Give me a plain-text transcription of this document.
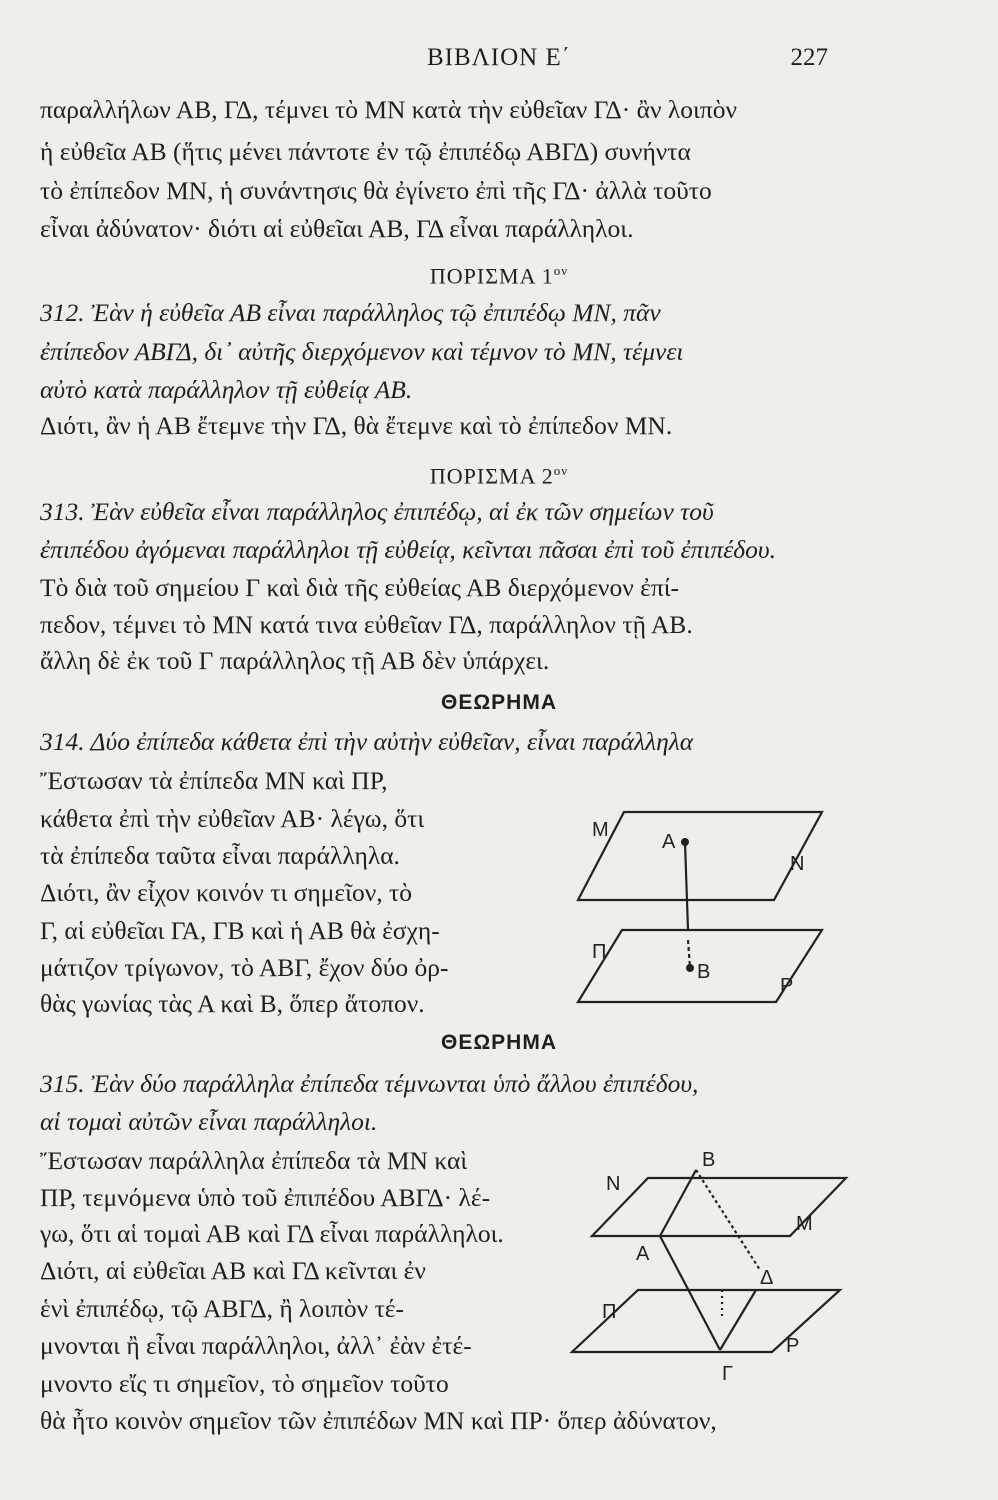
ΒΙΒΛΙΟΝ Ε΄	227
παραλλήλων ΑΒ, ΓΔ, τέμνει τὸ ΜΝ κατὰ τὴν εὐθεῖαν ΓΔ· ἂν λοιπὸν
ἡ εὐθεῖα ΑΒ (ἥτις μένει πάντοτε ἐν τῷ ἐπιπέδῳ ΑΒΓΔ) συνήντα
τὸ ἐπίπεδον ΜΝ, ἡ συνάντησις θὰ ἐγίνετο ἐπὶ τῆς ΓΔ· ἀλλὰ τοῦτο
εἶναι ἀδύνατον· διότι αἱ εὐθεῖαι ΑΒ, ΓΔ εἶναι παράλληλοι.
ΠΟΡΙΣΜΑ $1^{o\nu}$
312. Ἐὰν ἡ εὐθεῖα ΑΒ εἶναι παράλληλος τῷ ἐπιπέδῳ ΜΝ, πᾶν
ἐπίπεδον ΑΒΓΔ, δι᾽ αὐτῆς διερχόμενον καὶ τέμνον τὸ ΜΝ, τέμνει
αὐτὸ κατὰ παράλληλον τῇ εὐθείᾳ ΑΒ.
Διότι, ἂν ἡ ΑΒ ἔτεμνε τὴν ΓΔ, θὰ ἔτεμνε καὶ τὸ ἐπίπεδον ΜΝ.
ΠΟΡΙΣΜΑ $2^{o\nu}$
313. Ἐὰν εὐθεῖα εἶναι παράλληλος ἐπιπέδῳ, αἱ ἐκ τῶν σημείων τοῦ
ἐπιπέδου ἀγόμεναι παράλληλοι τῇ εὐθείᾳ, κεῖνται πᾶσαι ἐπὶ τοῦ ἐπιπέδου.
Τὸ διὰ τοῦ σημείου Γ καὶ διὰ τῆς εὐθείας ΑΒ διερχόμενον ἐπί-
πεδον, τέμνει τὸ ΜΝ κατά τινα εὐθεῖαν ΓΔ, παράλληλον τῇ ΑΒ.
ἄλλη δὲ ἐκ τοῦ Γ παράλληλος τῇ ΑΒ δὲν ὑπάρχει.
ΘΕΩΡΗΜΑ
314. Δύο ἐπίπεδα κάθετα ἐπὶ τὴν αὐτὴν εὐθεῖαν, εἶναι παράλληλα
Ἔστωσαν τὰ ἐπίπεδα ΜΝ καὶ ΠΡ,
κάθετα ἐπὶ τὴν εὐθεῖαν ΑΒ· λέγω, ὅτι
τὰ ἐπίπεδα ταῦτα εἶναι παράλληλα.
Διότι, ἂν εἶχον κοινόν τι σημεῖον, τὸ
Γ, αἱ εὐθεῖαι ΓΑ, ΓΒ καὶ ἡ ΑΒ θὰ ἐσχη-
μάτιζον τρίγωνον, τὸ ΑΒΓ, ἔχον δύο ὀρ-
θὰς γωνίας τὰς Α καὶ Β, ὅπερ ἄτοπον.
ΘΕΩΡΗΜΑ
315. Ἐὰν δύο παράλληλα ἐπίπεδα τέμνωνται ὑπὸ ἄλλου ἐπιπέδου,
αἱ τομαὶ αὐτῶν εἶναι παράλληλοι.
Ἔστωσαν παράλληλα ἐπίπεδα τὰ ΜΝ καὶ
ΠΡ, τεμνόμενα ὑπὸ τοῦ ἐπιπέδου ΑΒΓΔ· λέ-
γω, ὅτι αἱ τομαὶ ΑΒ καὶ ΓΔ εἶναι παράλληλοι.
Διότι, αἱ εὐθεῖαι ΑΒ καὶ ΓΔ κεῖνται ἐν
ἑνὶ ἐπιπέδῳ, τῷ ΑΒΓΔ, ἢ λοιπὸν τέ-
μνονται ἢ εἶναι παράλληλοι, ἀλλ᾽ ἐὰν ἐτέ-
μνοντο εἴς τι σημεῖον, τὸ σημεῖον τοῦτο
θὰ ἦτο κοινὸν σημεῖον τῶν ἐπιπέδων ΜΝ καὶ ΠΡ· ὅπερ ἀδύνατον,
M
N
A
Π
B
P
B
N
M
A
Δ
Π
P
Γ
